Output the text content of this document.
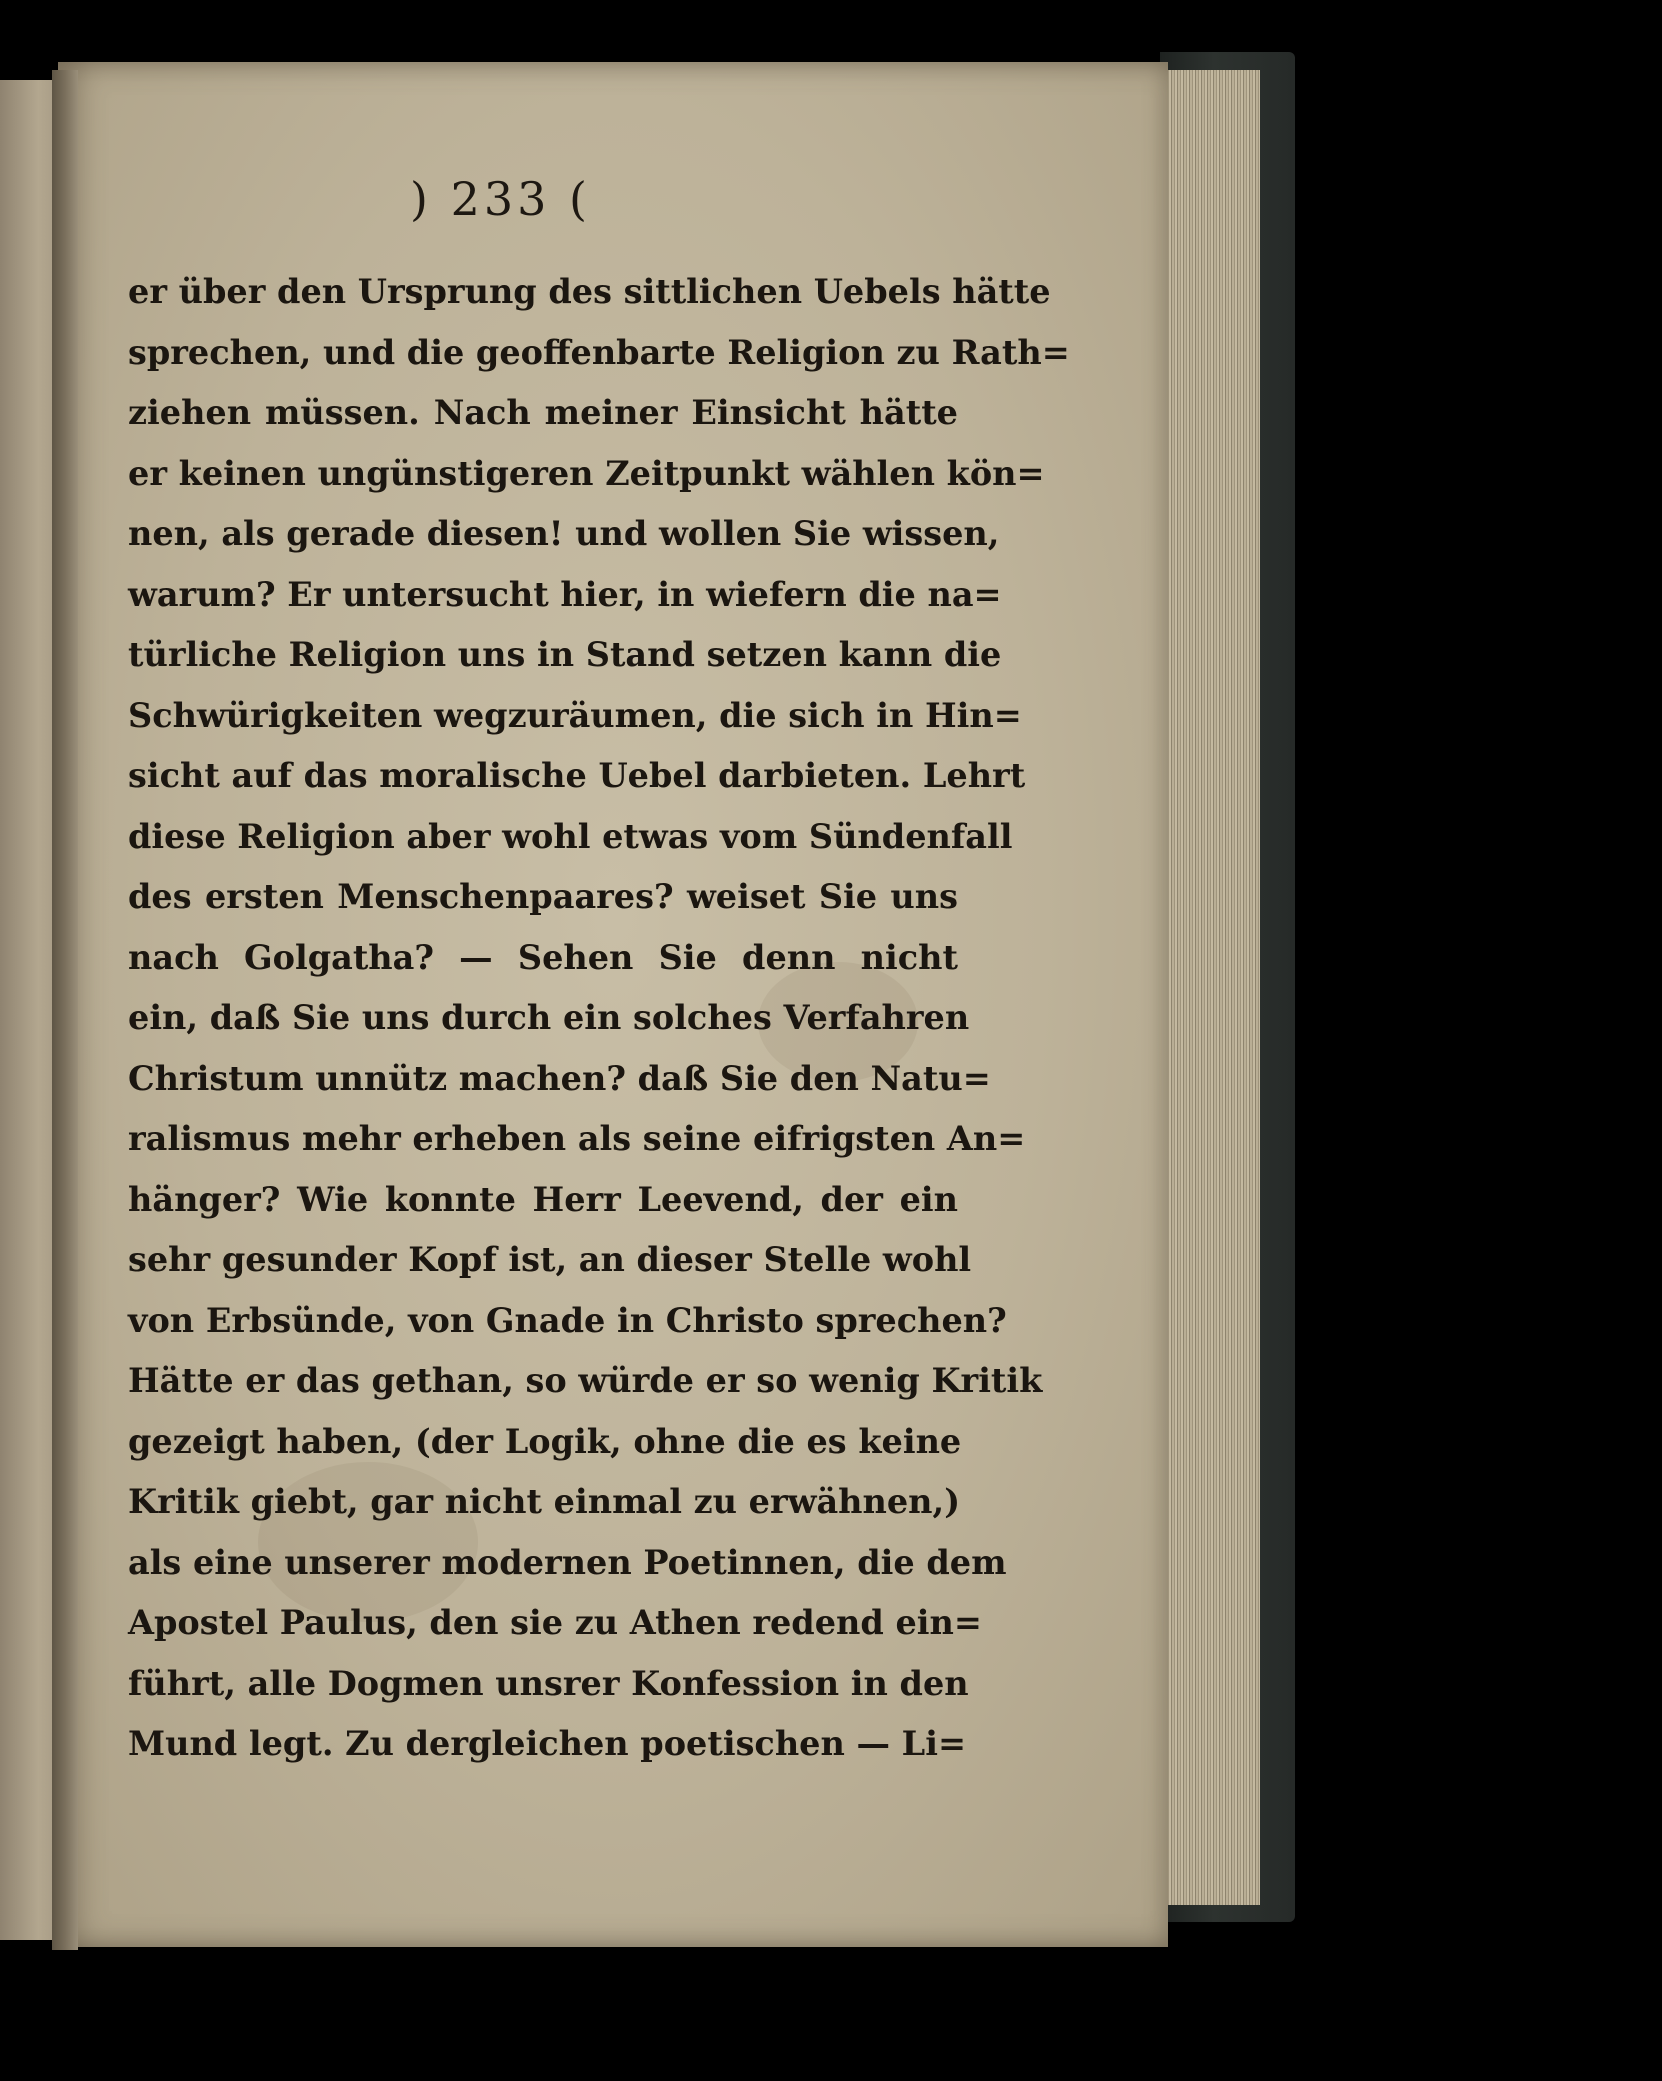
) 233 (
er über den Ursprung des sittlichen Uebels hätte
sprechen, und die geoffenbarte Religion zu Rath=
ziehen müssen. Nach meiner Einsicht hätte
er keinen ungünstigeren Zeitpunkt wählen kön=
nen, als gerade diesen! und wollen Sie wissen,
warum? Er untersucht hier, in wiefern die na=
türliche Religion uns in Stand setzen kann die
Schwürigkeiten wegzuräumen, die sich in Hin=
sicht auf das moralische Uebel darbieten. Lehrt
diese Religion aber wohl etwas vom Sündenfall
des ersten Menschenpaares? weiset Sie uns
nach Golgatha? — Sehen Sie denn nicht
ein, daß Sie uns durch ein solches Verfahren
Christum unnütz machen? daß Sie den Natu=
ralismus mehr erheben als seine eifrigsten An=
hänger? Wie konnte Herr Leevend, der ein
sehr gesunder Kopf ist, an dieser Stelle wohl
von Erbsünde, von Gnade in Christo sprechen?
Hätte er das gethan, so würde er so wenig Kritik
gezeigt haben, (der Logik, ohne die es keine
Kritik giebt, gar nicht einmal zu erwähnen,)
als eine unserer modernen Poetinnen, die dem
Apostel Paulus, den sie zu Athen redend ein=
führt, alle Dogmen unsrer Konfession in den
Mund legt. Zu dergleichen poetischen — Li=
